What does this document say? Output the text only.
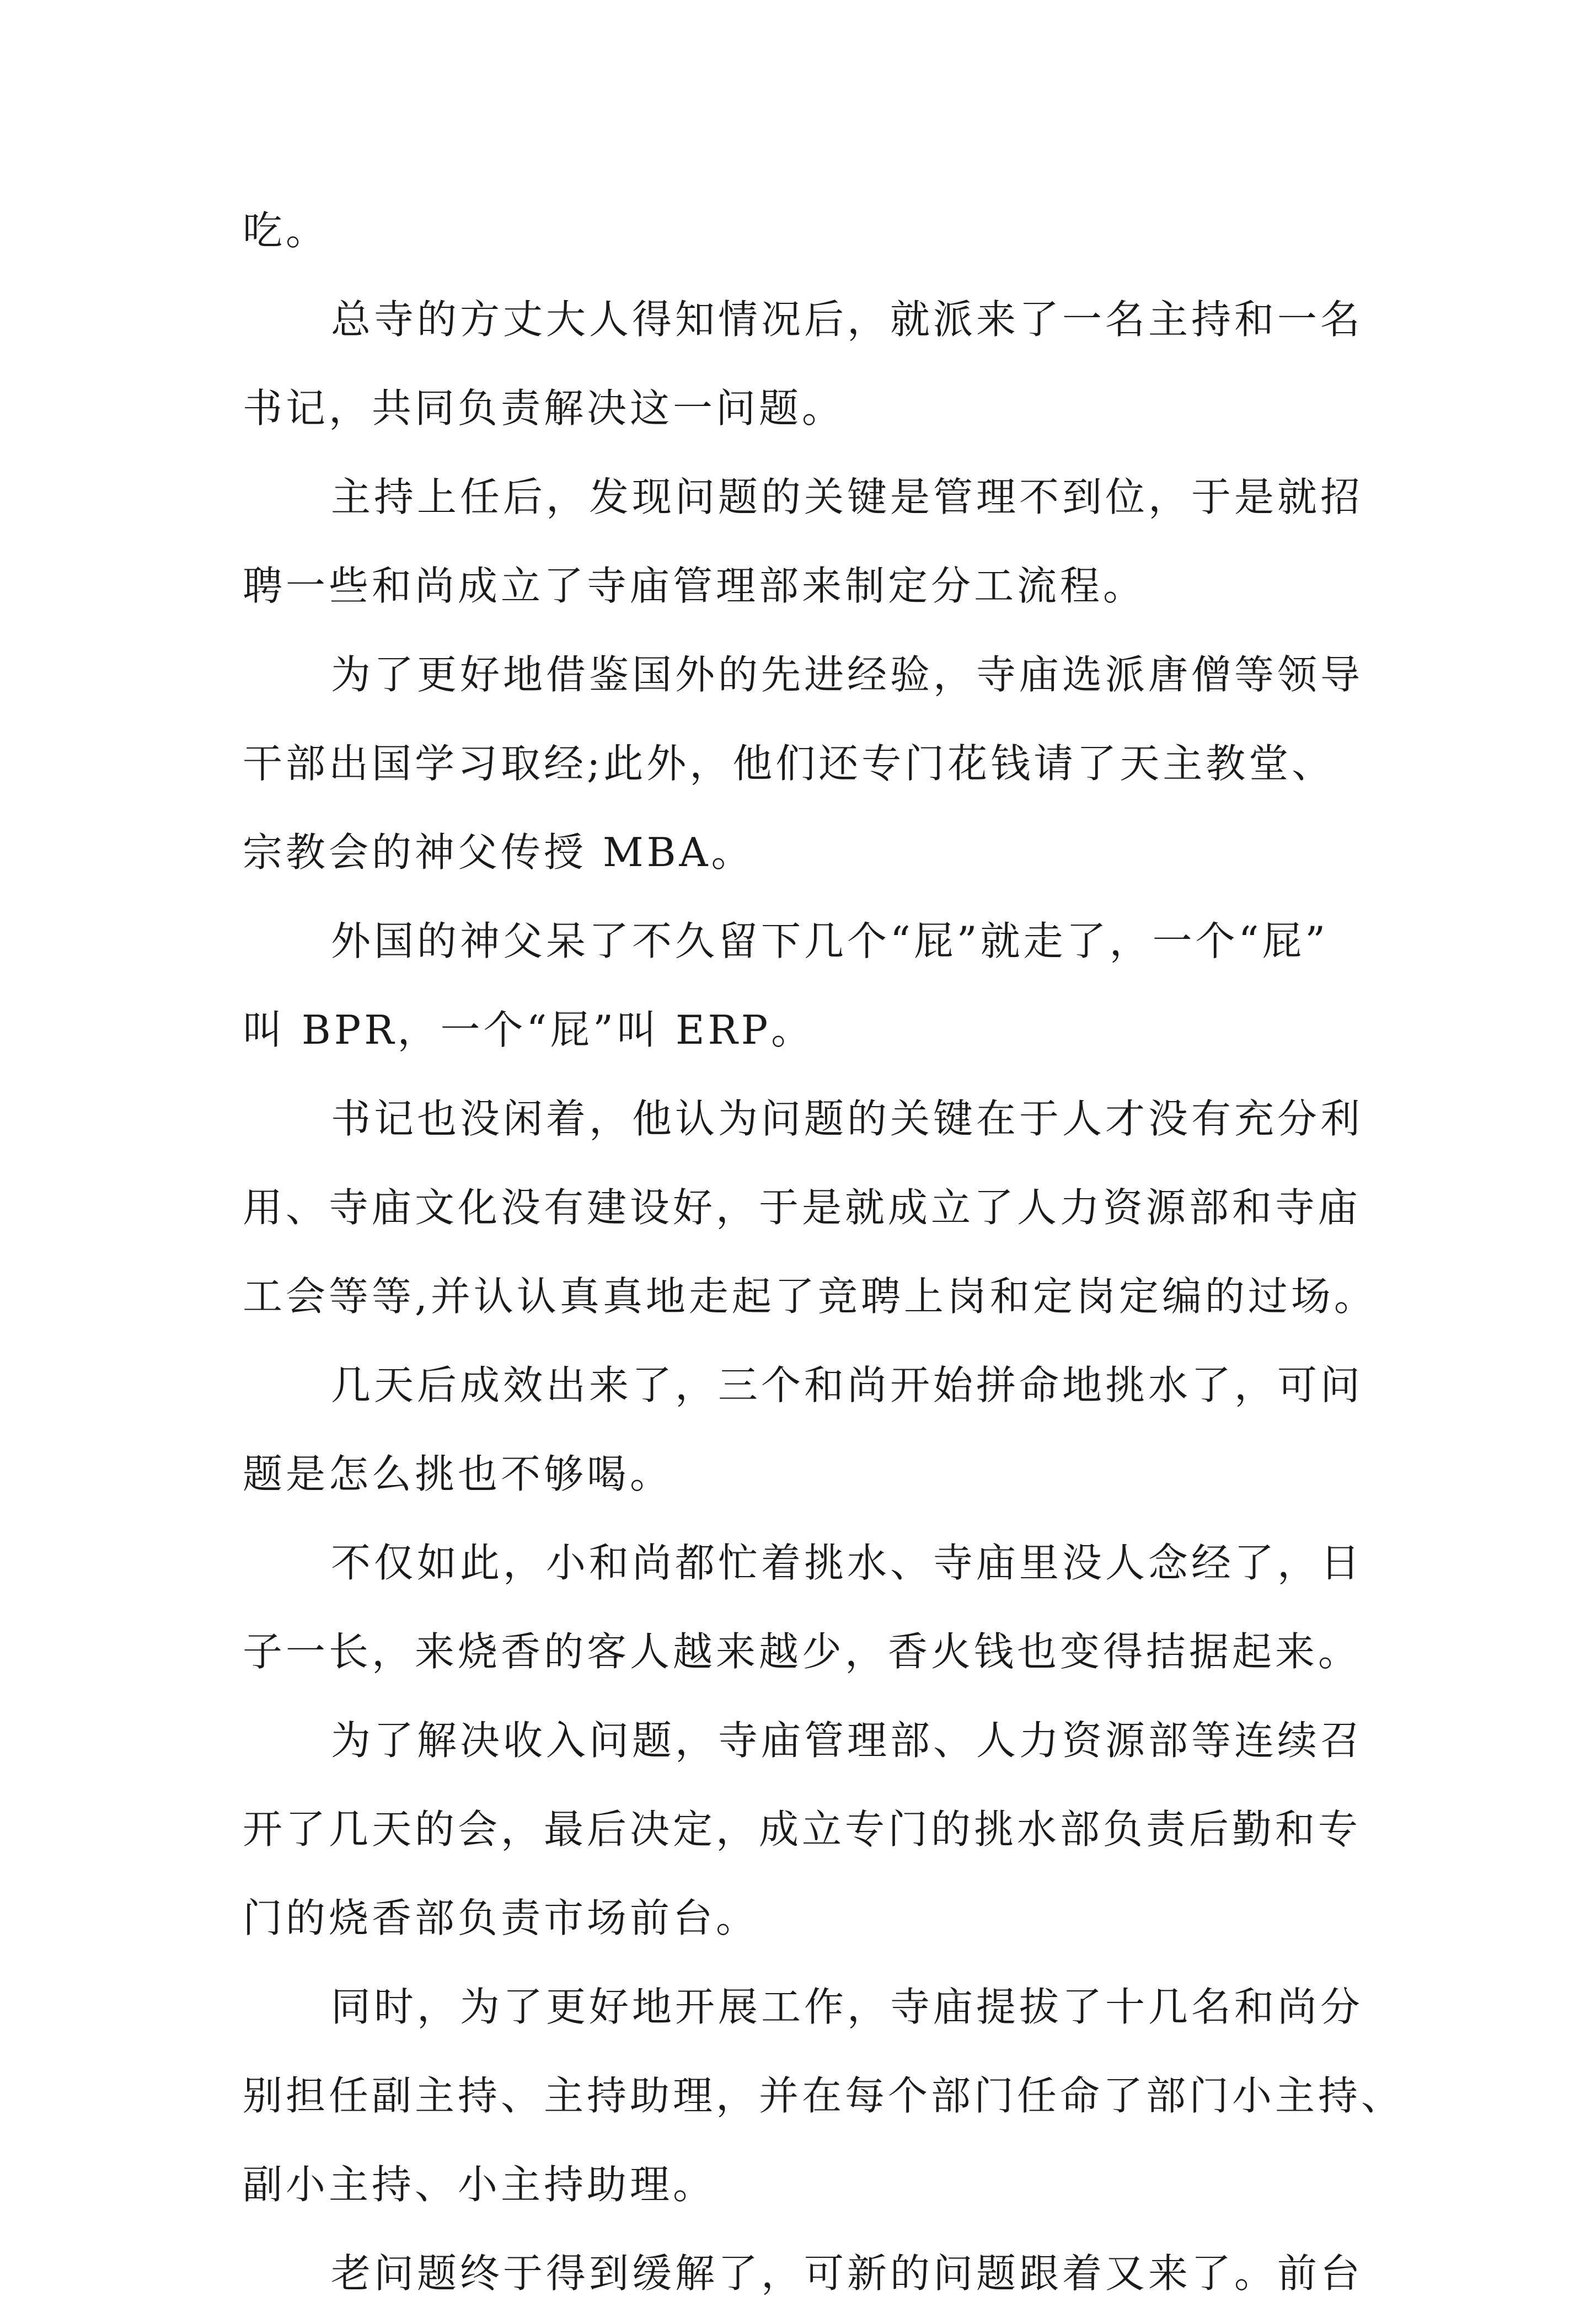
吃。
总寺的方丈大人得知情况后，就派来了一名主持和一名
书记，共同负责解决这一问题。
主持上任后，发现问题的关键是管理不到位，于是就招
聘一些和尚成立了寺庙管理部来制定分工流程。
为了更好地借鉴国外的先进经验，寺庙选派唐僧等领导
干部出国学习取经;此外，他们还专门花钱请了天主教堂、
宗教会的神父传授 MBA。
外国的神父呆了不久留下几个“屁”就走了，一个“屁”
叫 BPR，一个“屁”叫 ERP。
书记也没闲着，他认为问题的关键在于人才没有充分利
用、寺庙文化没有建设好，于是就成立了人力资源部和寺庙
工会等等,并认认真真地走起了竞聘上岗和定岗定编的过场。
几天后成效出来了，三个和尚开始拼命地挑水了，可问
题是怎么挑也不够喝。
不仅如此，小和尚都忙着挑水、寺庙里没人念经了，日
子一长，来烧香的客人越来越少，香火钱也变得拮据起来。
为了解决收入问题，寺庙管理部、人力资源部等连续召
开了几天的会，最后决定，成立专门的挑水部负责后勤和专
门的烧香部负责市场前台。
同时，为了更好地开展工作，寺庙提拔了十几名和尚分
别担任副主持、主持助理，并在每个部门任命了部门小主持、
副小主持、小主持助理。
老问题终于得到缓解了，可新的问题跟着又来了。前台
